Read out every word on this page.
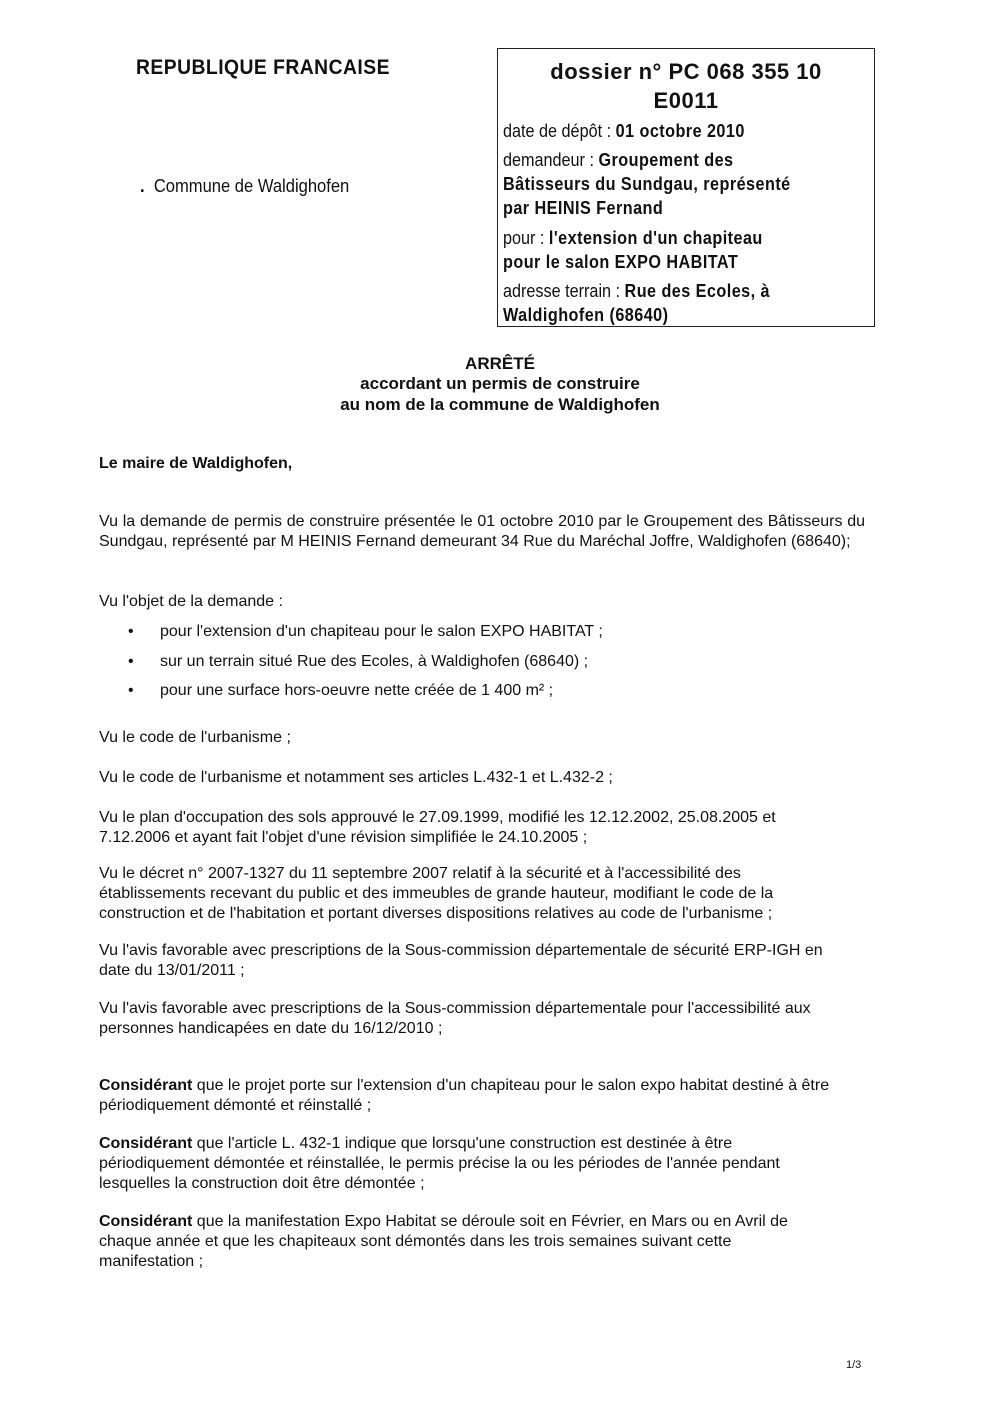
REPUBLIQUE FRANCAISE
. Commune de Waldighofen
dossier n° PC 068 355 10
E0011
date de dépôt : 01 octobre 2010
demandeur : Groupement des
Bâtisseurs du Sundgau, représenté
par HEINIS Fernand
pour : l'extension d'un chapiteau
pour le salon EXPO HABITAT
adresse terrain : Rue des Ecoles, à
Waldighofen (68640)
ARRÊTÉ
accordant un permis de construire
au nom de la commune de Waldighofen
Le maire de Waldighofen,
Vu la demande de permis de construire présentée le 01 octobre 2010 par le Groupement des Bâtisseurs du Sundgau, représenté par M HEINIS Fernand demeurant 34 Rue du Maréchal Joffre, Waldighofen (68640);
Vu l'objet de la demande :
• pour l'extension d'un chapiteau pour le salon EXPO HABITAT ;
• sur un terrain situé Rue des Ecoles, à Waldighofen (68640) ;
• pour une surface hors-oeuvre nette créée de 1 400 m² ;
Vu le code de l'urbanisme ;
Vu le code de l'urbanisme et notamment ses articles L.432-1 et L.432-2 ;
Vu le plan d'occupation des sols approuvé le 27.09.1999, modifié les 12.12.2002, 25.08.2005 et
7.12.2006 et ayant fait l'objet d'une révision simplifiée le 24.10.2005 ;
Vu le décret n° 2007-1327 du 11 septembre 2007 relatif à la sécurité et à l'accessibilité des
établissements recevant du public et des immeubles de grande hauteur, modifiant le code de la
construction et de l'habitation et portant diverses dispositions relatives au code de l'urbanisme ;
Vu l'avis favorable avec prescriptions de la Sous-commission départementale de sécurité ERP-IGH en
date du 13/01/2011 ;
Vu l'avis favorable avec prescriptions de la Sous-commission départementale pour l'accessibilité aux
personnes handicapées en date du 16/12/2010 ;
Considérant que le projet porte sur l'extension d'un chapiteau pour le salon expo habitat destiné à être
périodiquement démonté et réinstallé ;
Considérant que l'article L. 432-1 indique que lorsqu'une construction est destinée à être
périodiquement démontée et réinstallée, le permis précise la ou les périodes de l'année pendant
lesquelles la construction doit être démontée ;
Considérant que la manifestation Expo Habitat se déroule soit en Février, en Mars ou en Avril de
chaque année et que les chapiteaux sont démontés dans les trois semaines suivant cette
manifestation ;
1/3
